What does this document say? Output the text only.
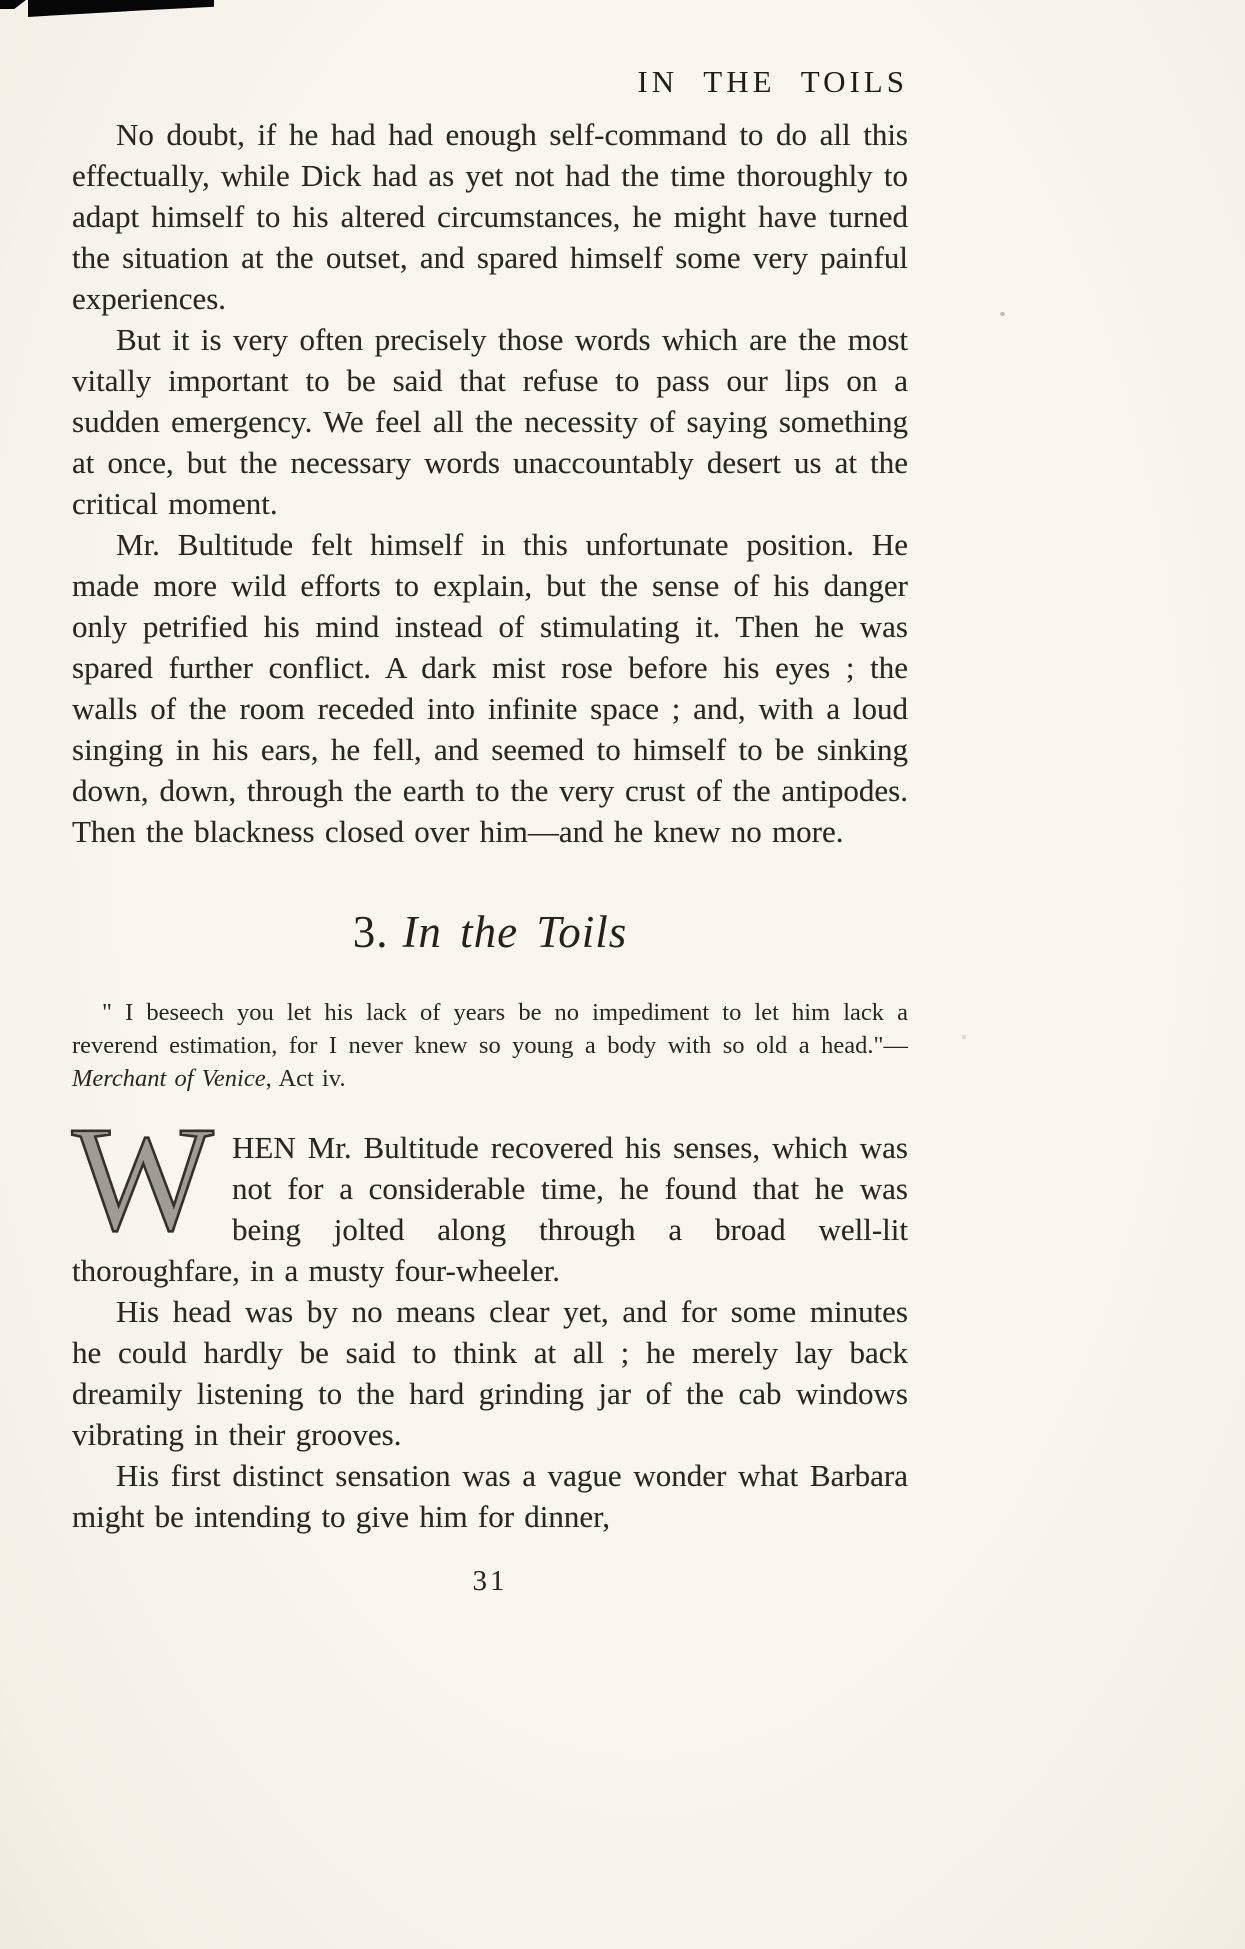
IN THE TOILS

No doubt, if he had had enough self-command to do all this effectually, while Dick had as yet not had the time thoroughly to adapt himself to his altered circumstances, he might have turned the situation at the outset, and spared himself some very painful experiences.

But it is very often precisely those words which are the most vitally important to be said that refuse to pass our lips on a sudden emergency. We feel all the necessity of saying something at once, but the necessary words unaccountably desert us at the critical moment.

Mr. Bultitude felt himself in this unfortunate position. He made more wild efforts to explain, but the sense of his danger only petrified his mind instead of stimulating it. Then he was spared further conflict. A dark mist rose before his eyes ; the walls of the room receded into infinite space ; and, with a loud singing in his ears, he fell, and seemed to himself to be sinking down, down, through the earth to the very crust of the antipodes. Then the blackness closed over him—and he knew no more.

3. In the Toils

" I beseech you let his lack of years be no impediment to let him lack a reverend estimation, for I never knew so young a body with so old a head."—Merchant of Venice, Act iv.

WHEN Mr. Bultitude recovered his senses, which was not for a considerable time, he found that he was being jolted along through a broad well-lit thoroughfare, in a musty four-wheeler.

His head was by no means clear yet, and for some minutes he could hardly be said to think at all ; he merely lay back dreamily listening to the hard grinding jar of the cab windows vibrating in their grooves.

His first distinct sensation was a vague wonder what Barbara might be intending to give him for dinner,

31
